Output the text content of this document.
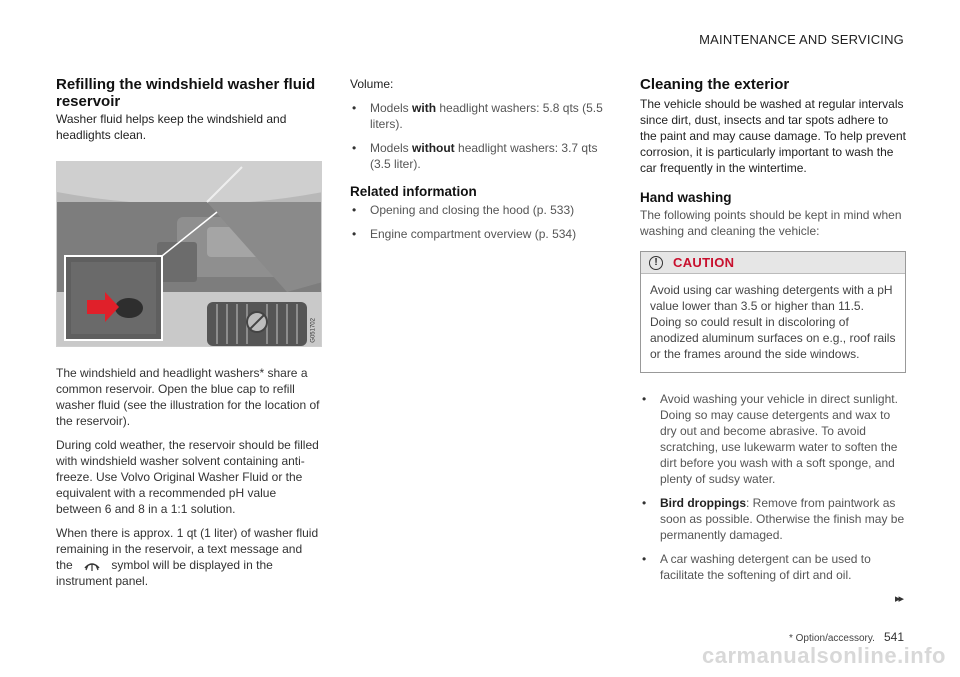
MAINTENANCE AND SERVICING
Refilling the windshield washer fluid reservoir

Washer fluid helps keep the windshield and headlights clean.

G051702

The windshield and headlight washers* share a common reservoir. Open the blue cap to refill washer fluid (see the illustration for the location of the reservoir).

During cold weather, the reservoir should be filled with windshield washer solvent containing anti-freeze. Use Volvo Original Washer Fluid or the equivalent with a recommended pH value between 6 and 8 in a 1:1 solution.

When there is approx. 1 qt (1 liter) of washer fluid remaining in the reservoir, a text message and the	symbol will be displayed in the instrument panel.

Volume:

• Models with headlight washers: 5.8 qts (5.5 liters).
• Models without headlight washers: 3.7 qts (3.5 liter).
Related information
• Opening and closing the hood (p. 533)
• Engine compartment overview (p. 534)
Cleaning the exterior

The vehicle should be washed at regular intervals since dirt, dust, insects and tar spots adhere to the paint and may cause damage. To help prevent corrosion, it is particularly important to wash the car frequently in the wintertime.

Hand washing

The following points should be kept in mind when washing and cleaning the vehicle:

!	CAUTION
Avoid using car washing detergents with a pH value lower than 3.5 or higher than 11.5. Doing so could result in discoloring of anodized aluminum surfaces on e.g., roof rails or the frames around the side windows.
• Avoid washing your vehicle in direct sunlight. Doing so may cause detergents and wax to dry out and become abrasive. To avoid scratching, use lukewarm water to soften the dirt before you wash with a soft sponge, and plenty of sudsy water.
• Bird droppings: Remove from paintwork as soon as possible. Otherwise the finish may be permanently damaged.
• A car washing detergent can be used to facilitate the softening of dirt and oil.
▸▸
* Option/accessory. 541
carmanualsonline.info
